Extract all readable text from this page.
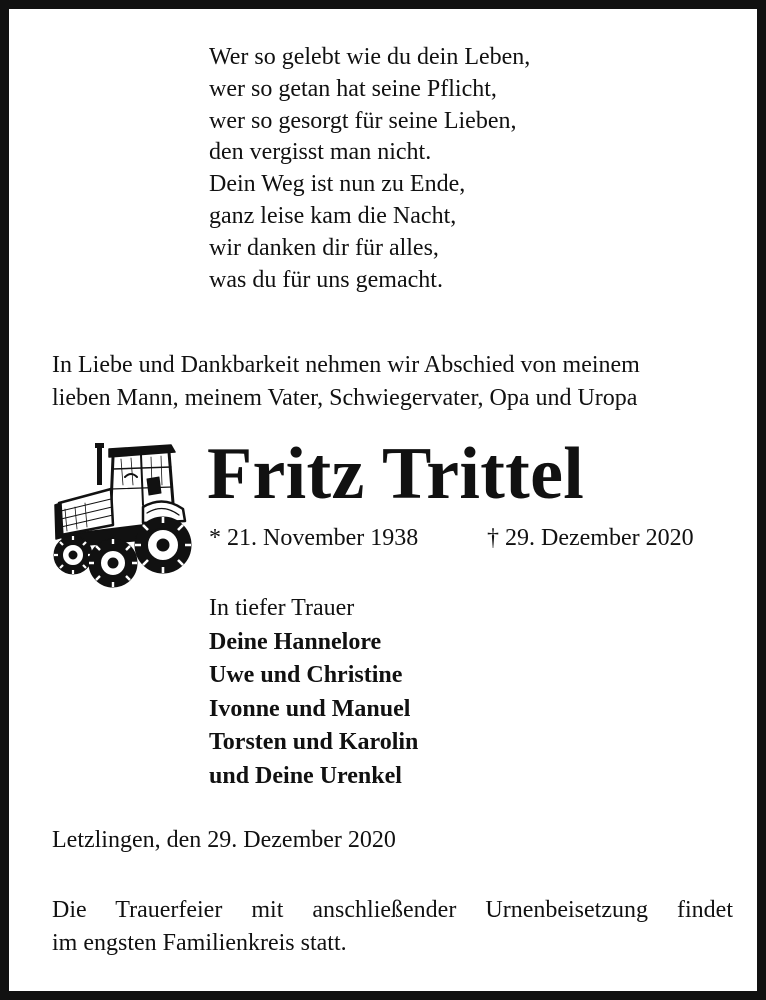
Wer so gelebt wie du dein Leben,
wer so getan hat seine Pflicht,
wer so gesorgt für seine Lieben,
den vergisst man nicht.
Dein Weg ist nun zu Ende,
ganz leise kam die Nacht,
wir danken dir für alles,
was du für uns gemacht.
In Liebe und Dankbarkeit nehmen wir Abschied von meinem
lieben Mann, meinem Vater, Schwiegervater, Opa und Uropa
Fritz Trittel
* 21. November 1938	† 29. Dezember 2020
In tiefer Trauer
Deine Hannelore
Uwe und Christine
Ivonne und Manuel
Torsten und Karolin
und Deine Urenkel
Letzlingen, den 29. Dezember 2020
Die Trauerfeier mit anschließender Urnenbeisetzung findet
im engsten Familienkreis statt.
